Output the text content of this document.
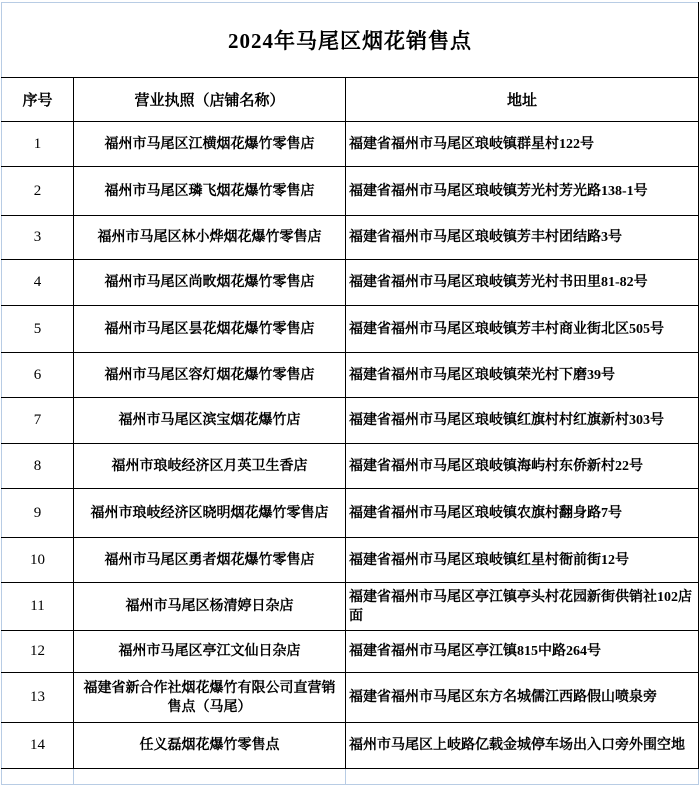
2024年马尾区烟花销售点		
序号	营业执照（店铺名称）	地址
1	福州市马尾区江横烟花爆竹零售店	福建省福州市马尾区琅岐镇群星村122号
2	福州市马尾区璘飞烟花爆竹零售店	福建省福州市马尾区琅岐镇芳光村芳光路138-1号
3	福州市马尾区林小烨烟花爆竹零售店	福建省福州市马尾区琅岐镇芳丰村团结路3号
4	福州市马尾区尚畋烟花爆竹零售店	福建省福州市马尾区琅岐镇芳光村书田里81-82号
5	福州市马尾区昙花烟花爆竹零售店	福建省福州市马尾区琅岐镇芳丰村商业街北区505号
6	福州市马尾区容灯烟花爆竹零售店	福建省福州市马尾区琅岐镇荣光村下磨39号
7	福州市马尾区滨宝烟花爆竹店	福建省福州市马尾区琅岐镇红旗村村红旗新村303号
8	福州市琅岐经济区月英卫生香店	福建省福州市马尾区琅岐镇海屿村东侨新村22号
9	福州市琅岐经济区晓明烟花爆竹零售店	福建省福州市马尾区琅岐镇农旗村翻身路7号
10	福州市马尾区勇者烟花爆竹零售店	福建省福州市马尾区琅岐镇红星村衙前街12号
11	福州市马尾区杨清婷日杂店	福建省福州市马尾区亭江镇亭头村花园新街供销社102店面
12	福州市马尾区亭江文仙日杂店	福建省福州市马尾区亭江镇815中路264号
13	福建省新合作社烟花爆竹有限公司直营销售点（马尾）	福建省福州市马尾区东方名城儒江西路假山喷泉旁
14	任义磊烟花爆竹零售点	福州市马尾区上岐路亿载金城停车场出入口旁外围空地
